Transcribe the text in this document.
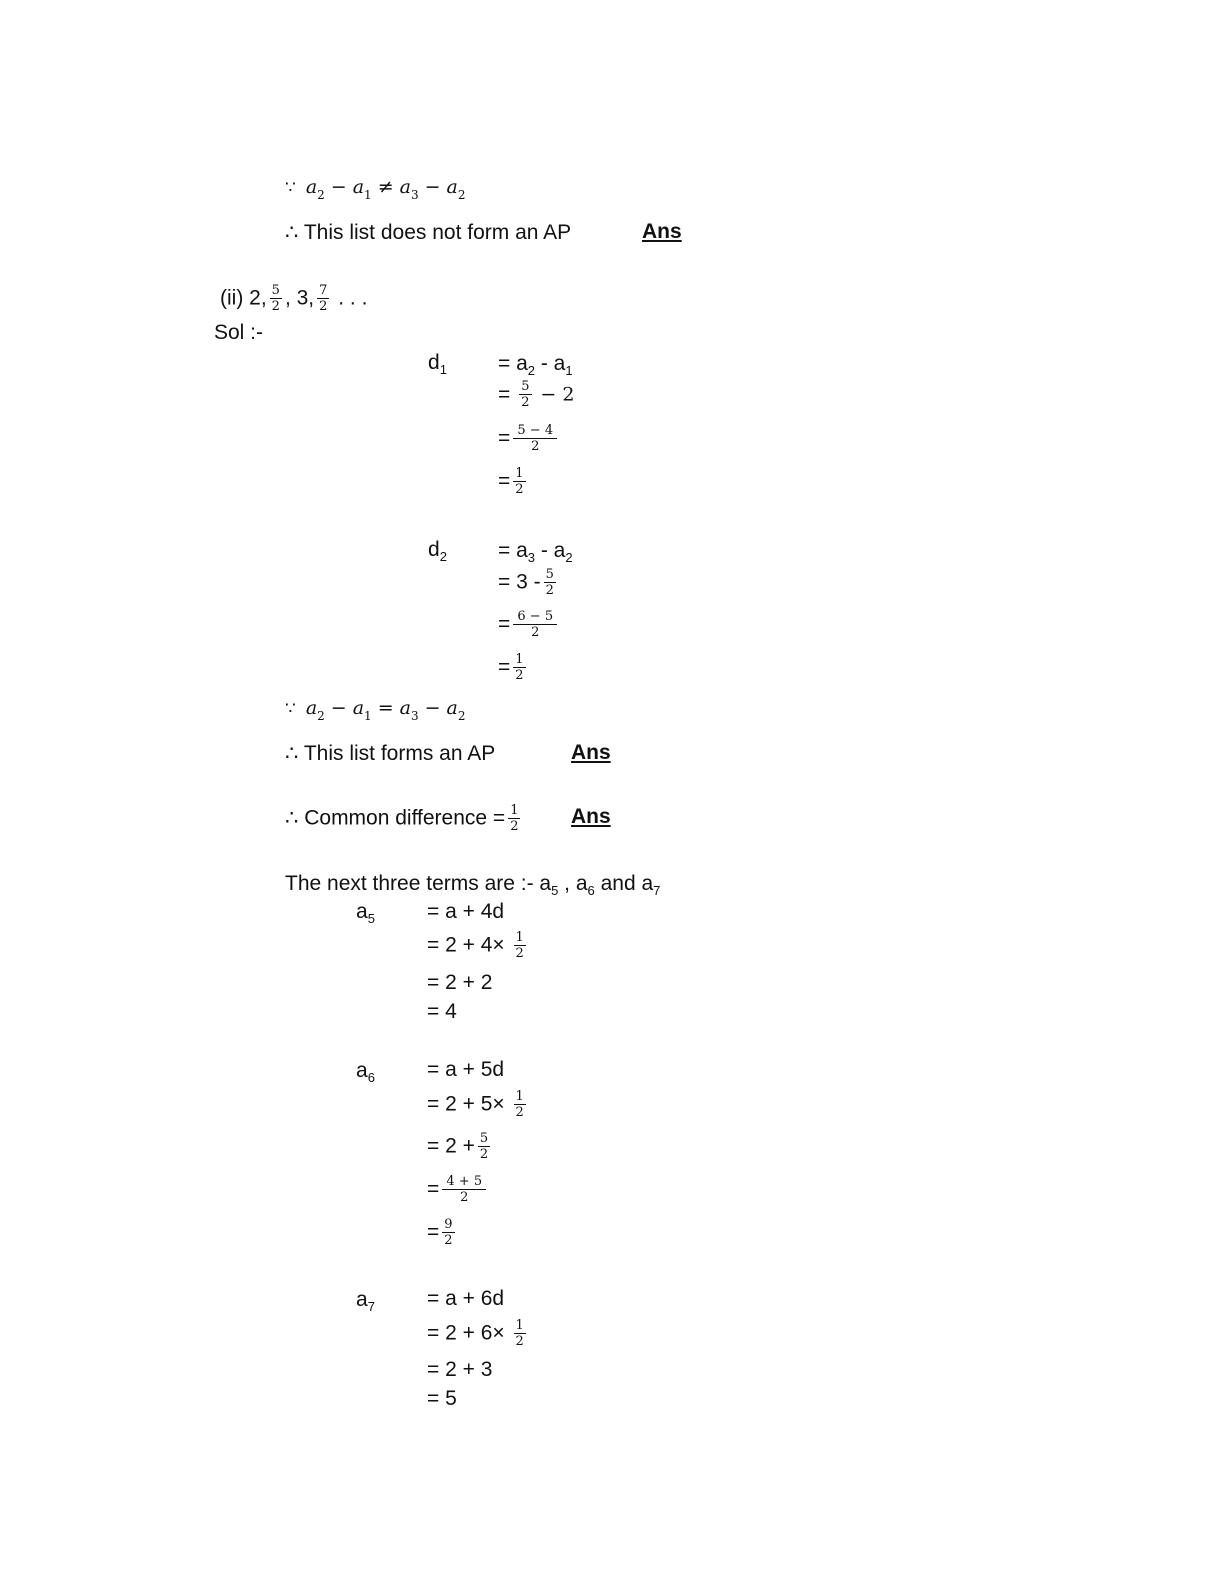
∵ $a_2 - a_1 \ne a_3 - a_2$
∴ This list does not form an AP	Ans
(ii) 2, $\frac{5}{2}$ , 3, $\frac{7}{2}$ . . .
Sol :-
$d_1 = a_2 - a_1$
= $\frac{5}{2} - 2$
= $\frac{5 - 4}{2}$
= $\frac{1}{2}$
$d_2 = a_3 - a_2$
= $3 - \frac{5}{2}$
= $\frac{6 - 5}{2}$
= $\frac{1}{2}$
∵ $a_2 - a_1 = a_3 - a_2$
∴ This list forms an AP	Ans
∴ Common difference = $\frac{1}{2}$ Ans
The next three terms are :- $a_5$ , $a_6$ and $a_7$
$a_5 = a + 4d$
= $2 + 4\times \frac{1}{2}$
= 2 + 2
= 4
$a_6 = a + 5d$
= $2 + 5\times \frac{1}{2}$
= $2 + \frac{5}{2}$
= $\frac{4 + 5}{2}$
= $\frac{9}{2}$
$a_7 = a + 6d$
= $2 + 6\times \frac{1}{2}$
= 2 + 3
= 5
